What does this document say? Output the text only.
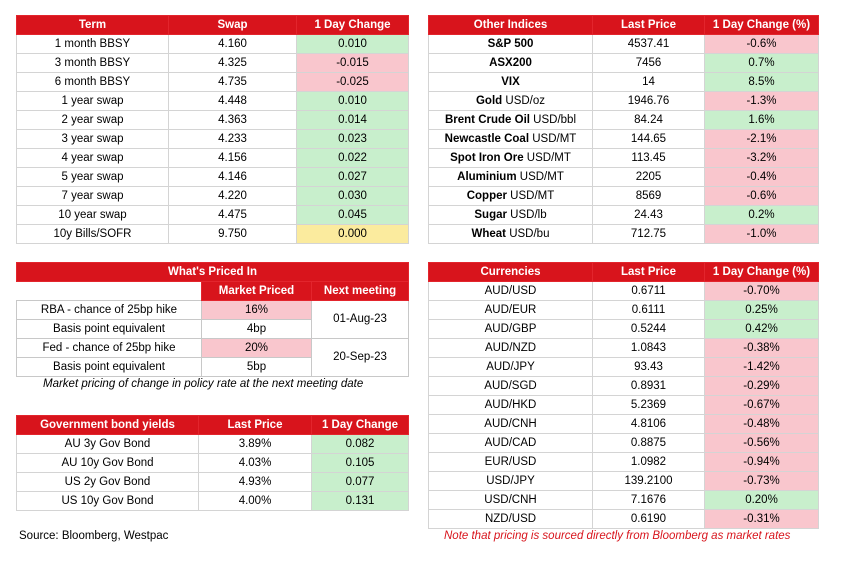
Term	Swap	1 Day Change
1 month BBSY	4.160	0.010
3 month BBSY	4.325	-0.015
6 month BBSY	4.735	-0.025
1 year swap	4.448	0.010
2 year swap	4.363	0.014
3 year swap	4.233	0.023
4 year swap	4.156	0.022
5 year swap	4.146	0.027
7 year swap	4.220	0.030
10 year swap	4.475	0.045
10y Bills/SOFR	9.750	0.000
Other Indices	Last Price	1 Day Change (%)
S&P 500	4537.41	-0.6%
ASX200	7456	0.7%
VIX	14	8.5%
Gold USD/oz	1946.76	-1.3%
Brent Crude Oil USD/bbl	84.24	1.6%
Newcastle Coal USD/MT	144.65	-2.1%
Spot Iron Ore USD/MT	113.45	-3.2%
Aluminium USD/MT	2205	-0.4%
Copper USD/MT	8569	-0.6%
Sugar USD/lb	24.43	0.2%
Wheat USD/bu	712.75	-1.0%
What's Priced In		
	Market Priced	Next meeting
RBA - chance of 25bp hike	16%	01-Aug-23
Basis point equivalent	4bp	
Fed - chance of 25bp hike	20%	20-Sep-23
Basis point equivalent	5bp	
Market pricing of change in policy rate at the next meeting date
Government bond yields	Last Price	1 Day Change
AU 3y Gov Bond	3.89%	0.082
AU 10y Gov Bond	4.03%	0.105
US 2y Gov Bond	4.93%	0.077
US 10y Gov Bond	4.00%	0.131
Currencies	Last Price	1 Day Change (%)
AUD/USD	0.6711	-0.70%
AUD/EUR	0.6111	0.25%
AUD/GBP	0.5244	0.42%
AUD/NZD	1.0843	-0.38%
AUD/JPY	93.43	-1.42%
AUD/SGD	0.8931	-0.29%
AUD/HKD	5.2369	-0.67%
AUD/CNH	4.8106	-0.48%
AUD/CAD	0.8875	-0.56%
EUR/USD	1.0982	-0.94%
USD/JPY	139.2100	-0.73%
USD/CNH	7.1676	0.20%
NZD/USD	0.6190	-0.31%
Source: Bloomberg, Westpac	Note that pricing is sourced directly from Bloomberg as market rates
